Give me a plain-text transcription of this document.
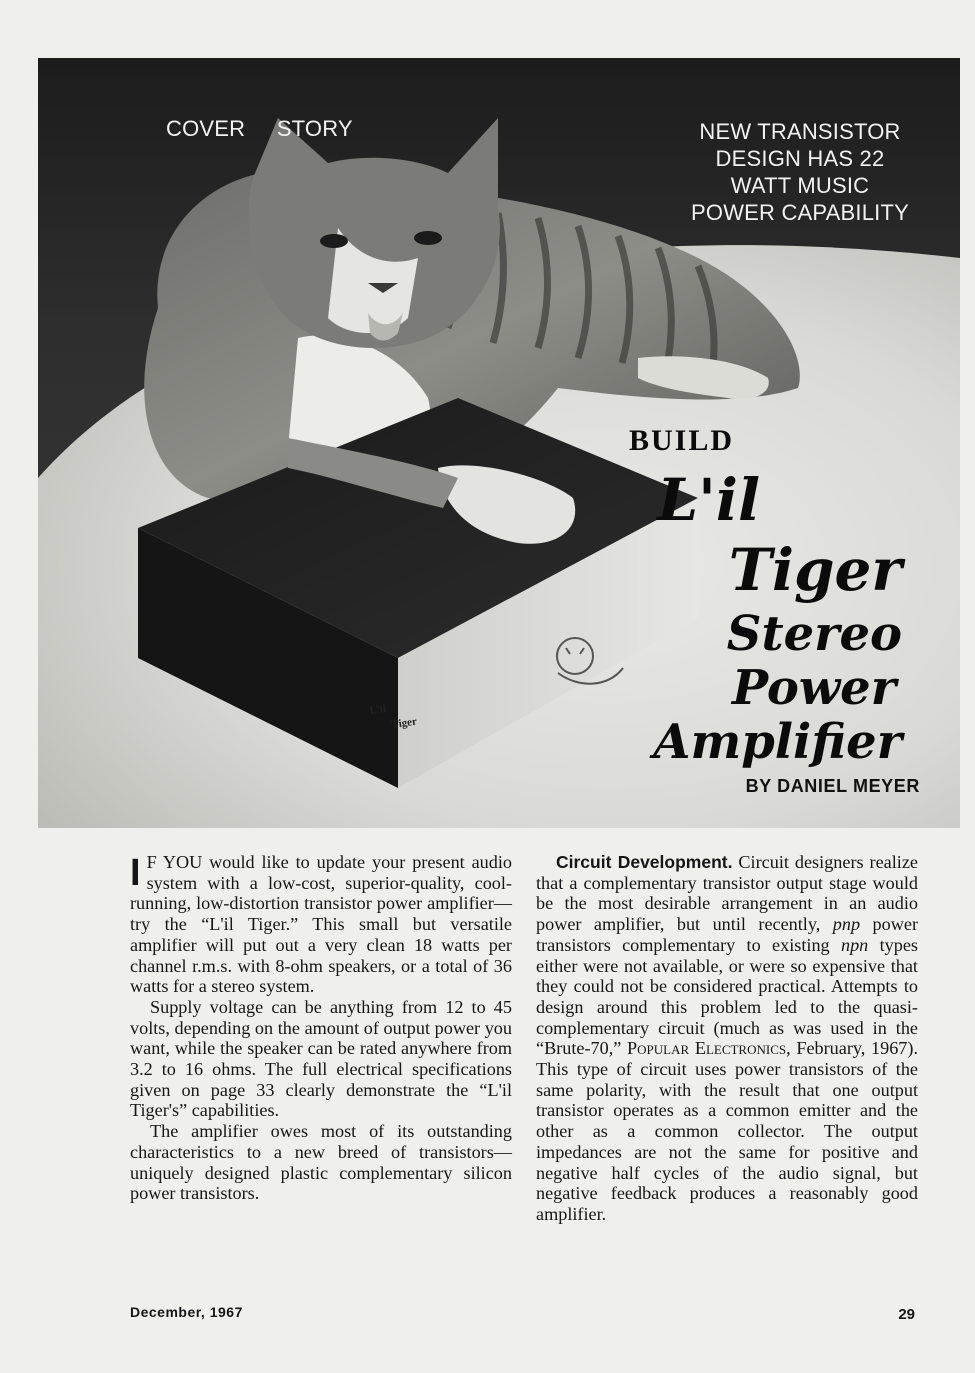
L'il
Tiger
COVER STORY	NEW TRANSISTOR
DESIGN HAS 22
WATT MUSIC
POWER CAPABILITY
BUILD
L'il
Tiger
Stereo
Power
Amplifier
BY DANIEL MEYER

I F YOU would like to update your present audio system with a low-cost, superior-quality, cool-running, low-distortion transistor power amplifier—try the “L'il Tiger.” This small but versatile amplifier will put out a very clean 18 watts per channel r.m.s. with 8-ohm speakers, or a total of 36 watts for a stereo system.

Supply voltage can be anything from 12 to 45 volts, depending on the amount of output power you want, while the speaker can be rated anywhere from 3.2 to 16 ohms. The full electrical specifications given on page 33 clearly demonstrate the “L'il Tiger's” capabilities.

The amplifier owes most of its outstanding characteristics to a new breed of transistors—uniquely designed plastic complementary silicon power transistors.

Circuit Development. Circuit designers realize that a complementary transistor output stage would be the most desirable arrangement in an audio power amplifier, but until recently, pnp power transistors complementary to existing npn types either were not available, or were so expensive that they could not be considered practical. Attempts to design around this problem led to the quasi-complementary circuit (much as was used in the “Brute-70,” Popular Electronics, February, 1967). This type of circuit uses power transistors of the same polarity, with the result that one output transistor operates as a common emitter and the other as a common collector. The output impedances are not the same for positive and negative half cycles of the audio signal, but negative feedback produces a reasonably good amplifier.

December, 1967	29
